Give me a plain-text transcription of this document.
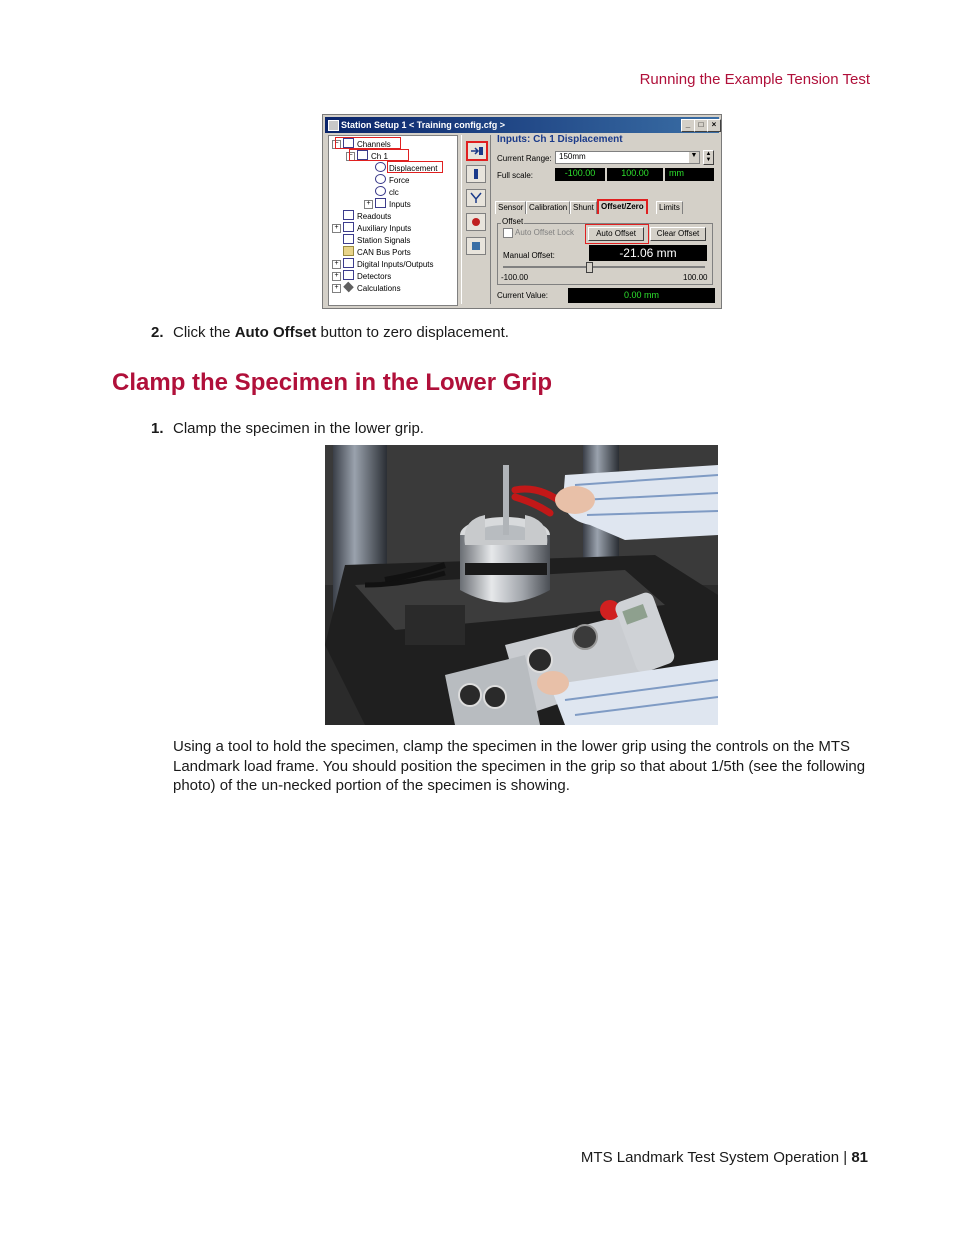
Running the Example Tension Test
Station Setup 1 < Training config.cfg >	_	□	×
−	Channels
−	Ch 1
Displacement
Force
clc
+	Inputs
Readouts
+	Auxiliary Inputs
Station Signals
CAN Bus Ports
+	Digital Inputs/Outputs
+	Detectors
+	Calculations
Inputs: Ch 1 Displacement
Current Range: 150mm	▼	▲
▼
Full scale:	-100.00	100.00	mm
Sensor Calibration Shunt Offset/Zero	Limits
Offset
Auto Offset Lock	Auto Offset	Clear Offset
Manual Offset:	-21.06 mm
-100.00	100.00
Current Value:	0.00 mm
2. Click the Auto Offset button to zero displacement.
Clamp the Specimen in the Lower Grip
1. Clamp the specimen in the lower grip.
Using a tool to hold the specimen, clamp the specimen in the lower grip using the controls on the MTS Landmark load frame. You should position the specimen in the grip so that about 1/5th (see the following photo) of the un-necked portion of the specimen is showing.
MTS Landmark Test System Operation | 81
